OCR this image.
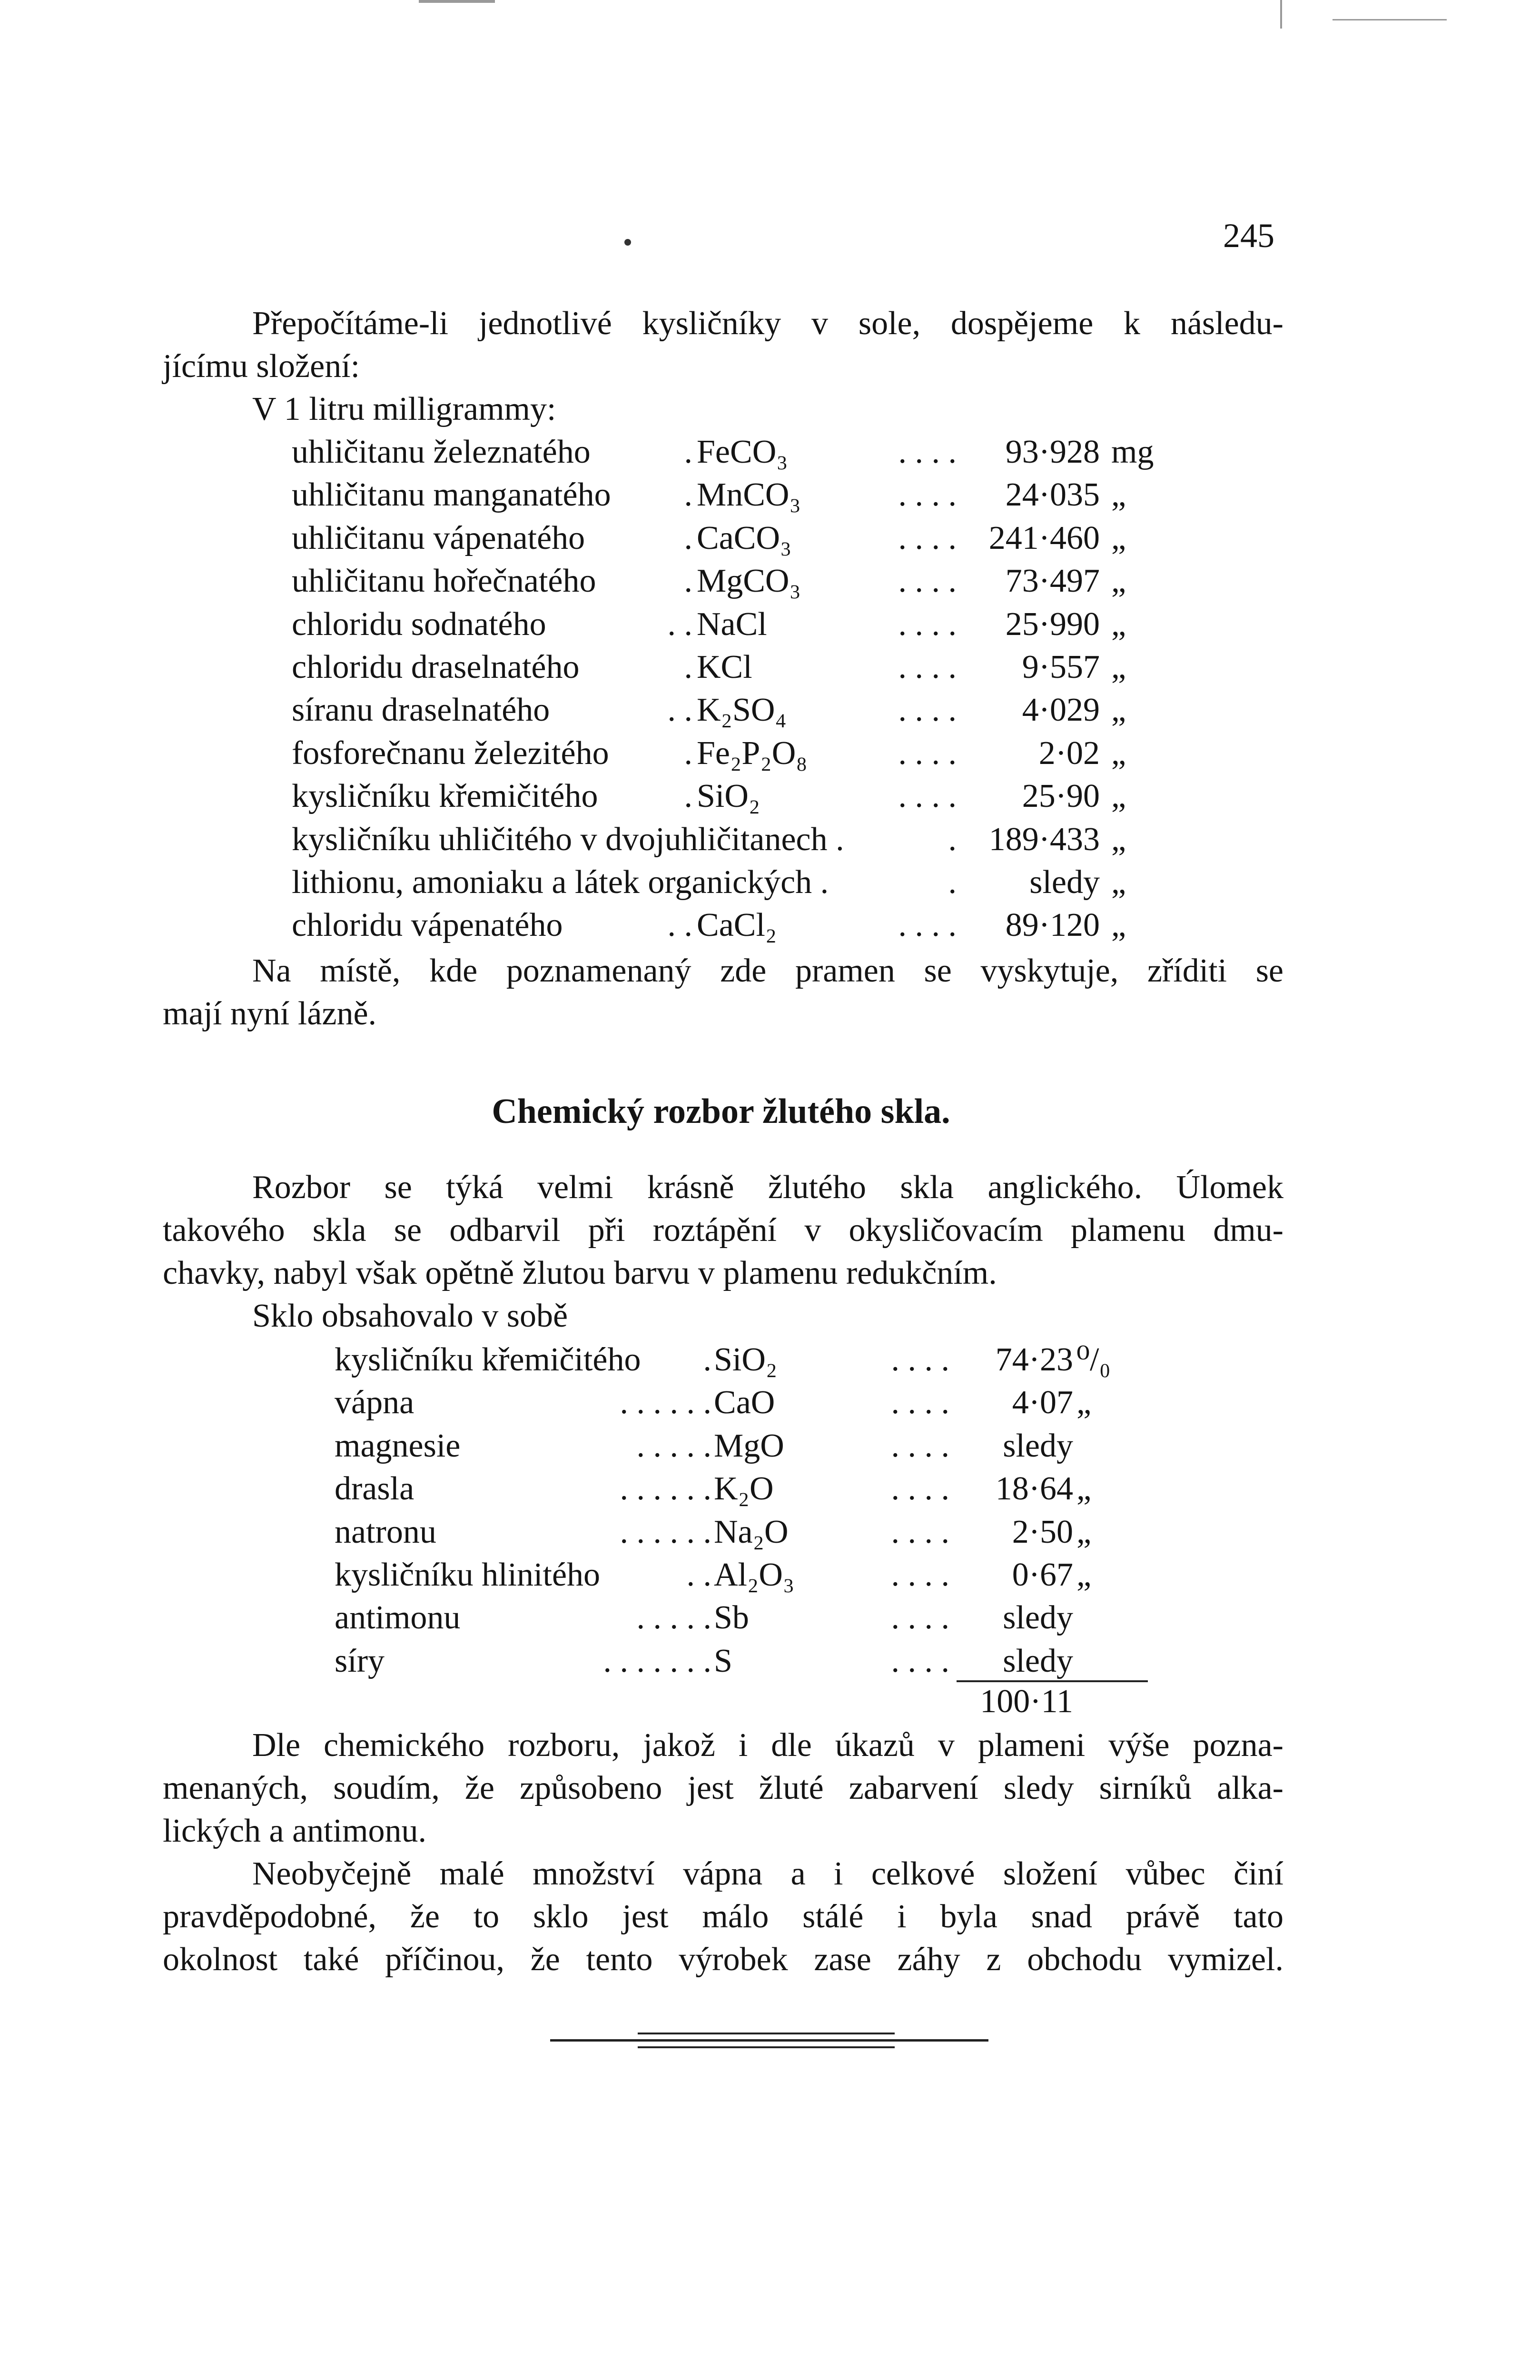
245
Přepočítáme-li jednotlivé kysličníky v sole, dospějeme k následu-
jícímu složení:
V 1 litru milligrammy:
uhličitanu železnatého	. FeCO₃	. . . . 93·928 mg
uhličitanu manganatého . MnCO₃	. . . . 24·035 „
uhličitanu vápenatého	. CaCO₃	. . . . 241·460 „
uhličitanu hořečnatého	. MgCO₃	. . . . 73·497 „
chloridu sodnatého	. . NaCl	. . . . 25·990 „
chloridu draselnatého	. KCl	. . . . 9·557 „
síranu draselnatého	. . K₂SO₄	. . . . 4·029 „
fosforečnanu železitého . Fe₂P₂O₈	. . . . 2·02 „
kysličníku křemičitého	. SiO₂	. . . . 25·90 „
kysličníku uhličitého v dvojuhličitanech .	. 189·433 „
lithionu, amoniaku a látek organických .	. sledy „
chloridu vápenatého	. . CaCl₂	. . . . 89·120 „
Na místě, kde poznamenaný zde pramen se vyskytuje, zříditi se
mají nyní lázně.
Chemický rozbor žlutého skla.
Rozbor se týká velmi krásně žlutého skla anglického. Úlomek
takového skla se odbarvil při roztápění v okysličovacím plamenu dmu-
chavky, nabyl však opětně žlutou barvu v plamenu redukčním.
Sklo obsahovalo v sobě
kysličníku křemičitého . SiO₂	. . . . 74·23 ⁰/₀
vápna	. . . . . . CaO	. . . . 4·07 „
magnesie	. . . . . MgO	. . . . sledy
drasla	. . . . . . K₂O	. . . . 18·64 „
natronu	. . . . . . Na₂O	. . . . 2·50 „
kysličníku hlinitého	. . Al₂O₃	. . . . 0·67 „
antimonu	. . . . . Sb	. . . . sledy
síry	. . . . . . . S	. . . . sledy
100·11
Dle chemického rozboru, jakož i dle úkazů v plameni výše pozna-
menaných, soudím, že způsobeno jest žluté zabarvení sledy sirníků alka-
lických a antimonu.
Neobyčejně malé množství vápna a i celkové složení vůbec činí
pravděpodobné, že to sklo jest málo stálé i byla snad právě tato
okolnost také příčinou, že tento výrobek zase záhy z obchodu vymizel.
